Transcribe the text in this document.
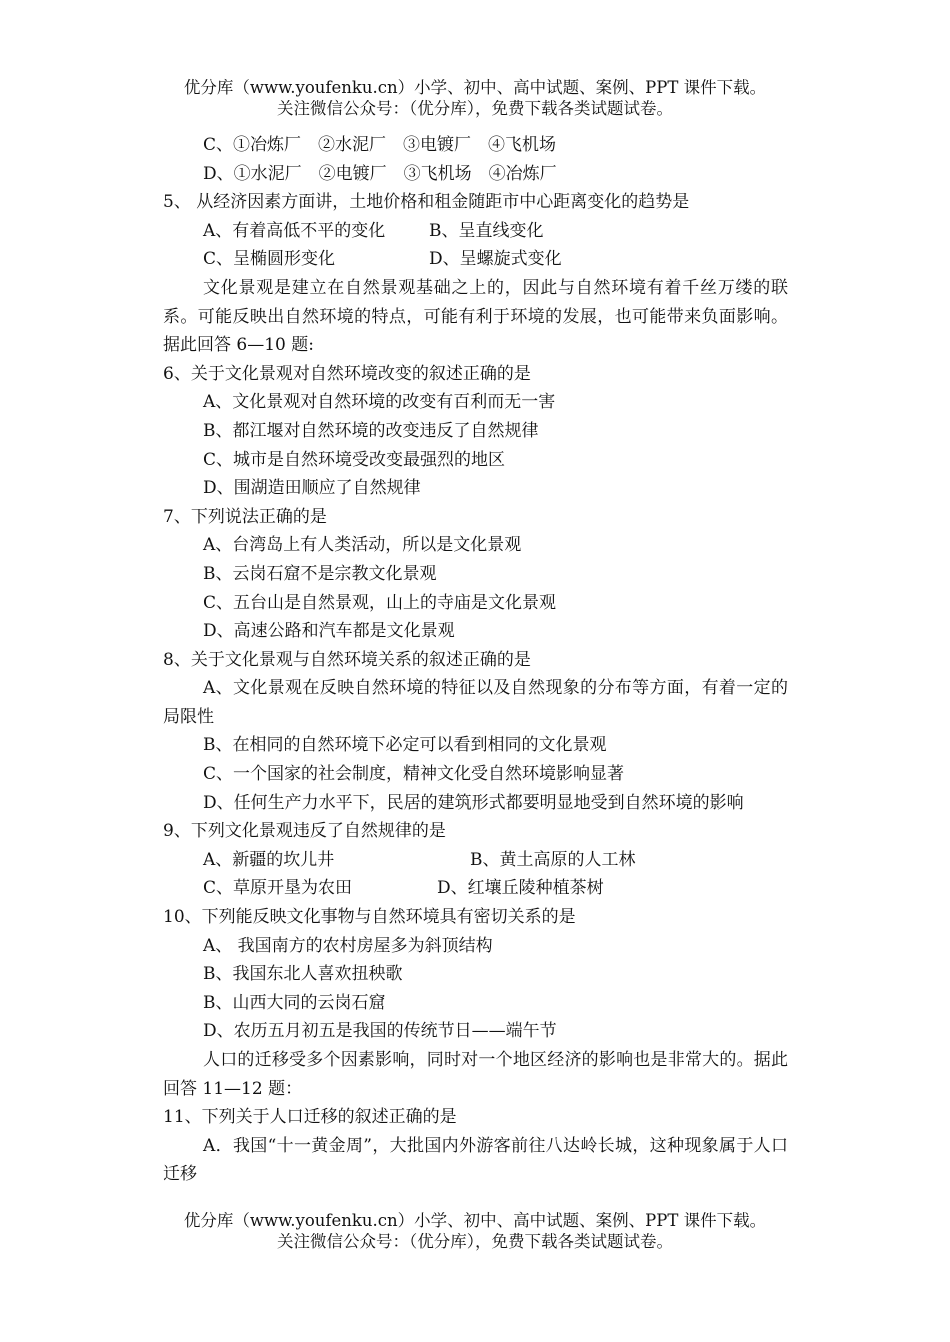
优分库（www.youfenku.cn）小学、初中、高中试题、案例、PPT 课件下载。
关注微信公众号：（优分库），免费下载各类试题试卷。
C、①冶炼厂　②水泥厂　③电镀厂　④飞机场
D、①水泥厂　②电镀厂　③飞机场　④冶炼厂
5、 从经济因素方面讲，土地价格和租金随距市中心距离变化的趋势是
A、有着高低不平的变化	B、呈直线变化
C、呈椭圆形变化	D、呈螺旋式变化
文化景观是建立在自然景观基础之上的，因此与自然环境有着千丝万缕的联系。可能反映出自然环境的特点，可能有利于环境的发展，也可能带来负面影响。据此回答 6—10 题:
6、关于文化景观对自然环境改变的叙述正确的是
A、文化景观对自然环境的改变有百利而无一害
B、都江堰对自然环境的改变违反了自然规律
C、城市是自然环境受改变最强烈的地区
D、围湖造田顺应了自然规律
7、下列说法正确的是
A、台湾岛上有人类活动，所以是文化景观
B、云岗石窟不是宗教文化景观
C、五台山是自然景观，山上的寺庙是文化景观
D、高速公路和汽车都是文化景观
8、关于文化景观与自然环境关系的叙述正确的是
A、文化景观在反映自然环境的特征以及自然现象的分布等方面，有着一定的局限性
B、在相同的自然环境下必定可以看到相同的文化景观
C、一个国家的社会制度，精神文化受自然环境影响显著
D、任何生产力水平下，民居的建筑形式都要明显地受到自然环境的影响
9、下列文化景观违反了自然规律的是
A、新疆的坎儿井	B、黄土高原的人工林
C、草原开垦为农田	D、红壤丘陵种植茶树
10、下列能反映文化事物与自然环境具有密切关系的是
A、 我国南方的农村房屋多为斜顶结构
B、我国东北人喜欢扭秧歌
B、山西大同的云岗石窟
D、农历五月初五是我国的传统节日——端午节
人口的迁移受多个因素影响，同时对一个地区经济的影响也是非常大的。据此回答 11—12 题：
11、下列关于人口迁移的叙述正确的是
A．我国“十一黄金周”，大批国内外游客前往八达岭长城，这种现象属于人口迁移
优分库（www.youfenku.cn）小学、初中、高中试题、案例、PPT 课件下载。
关注微信公众号：（优分库），免费下载各类试题试卷。
